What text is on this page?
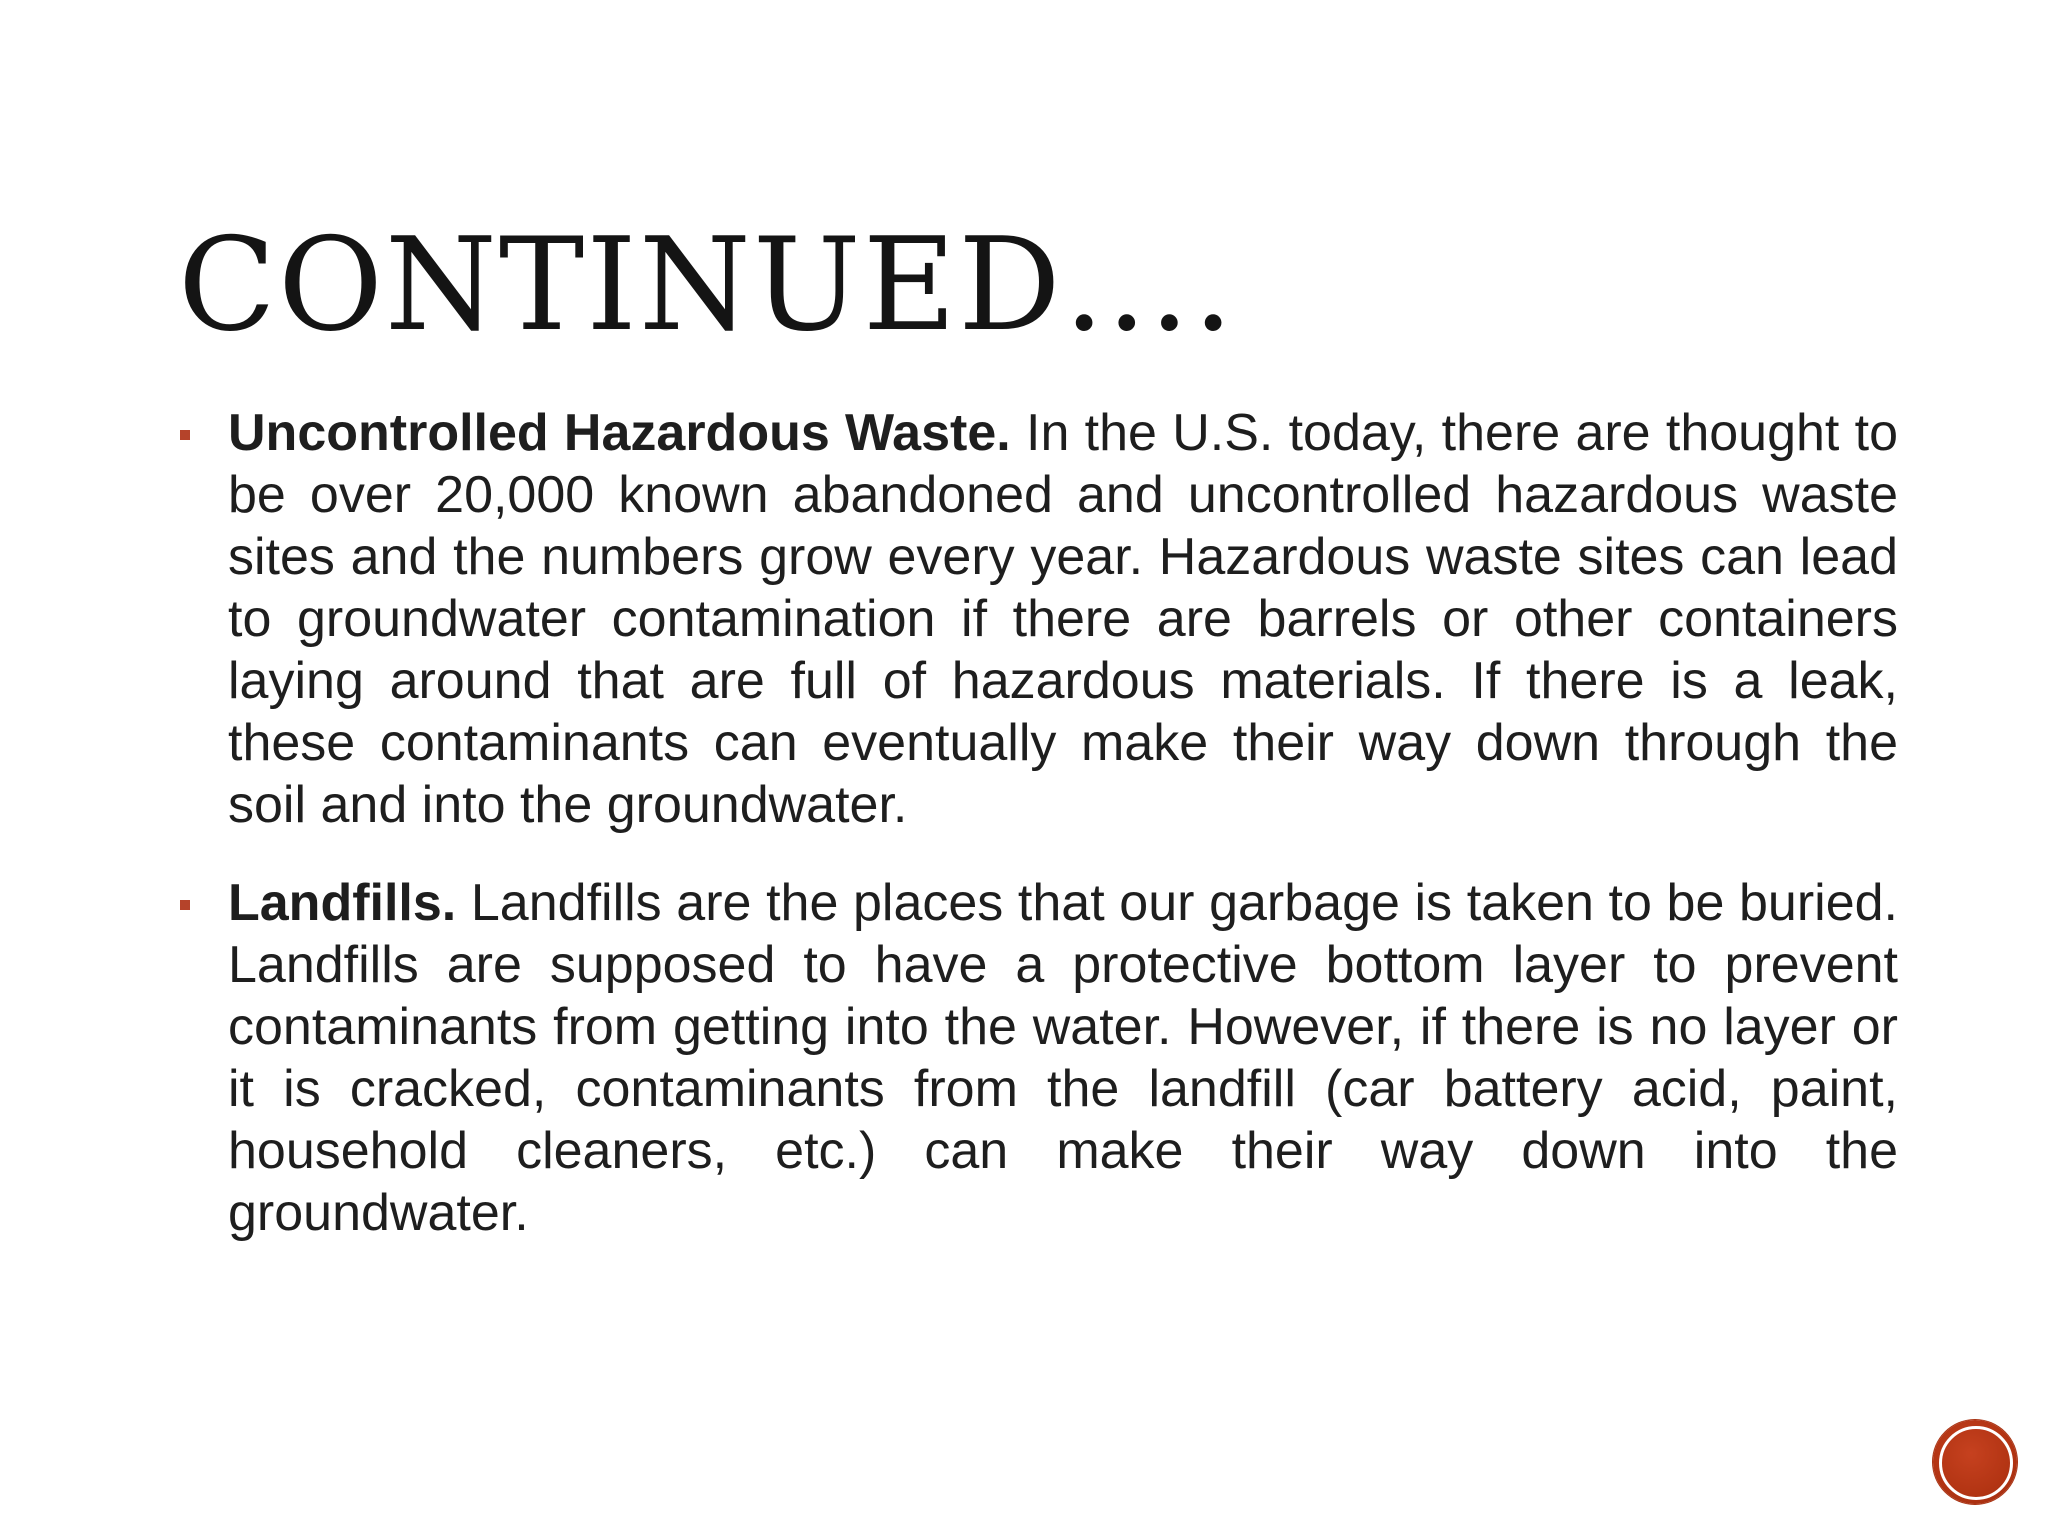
CONTINUED….

Uncontrolled Hazardous Waste. In the U.S. today, there are thought to be over 20,000 known abandoned and uncontrolled hazardous waste sites and the numbers grow every year. Hazardous waste sites can lead to groundwater contamination if there are barrels or other containers laying around that are full of hazardous materials. If there is a leak, these contaminants can eventually make their way down through the soil and into the groundwater.

Landfills. Landfills are the places that our garbage is taken to be buried. Landfills are supposed to have a protective bottom layer to prevent contaminants from getting into the water. However, if there is no layer or it is cracked, contaminants from the landfill (car battery acid, paint, household cleaners, etc.) can make their way down into the groundwater.
